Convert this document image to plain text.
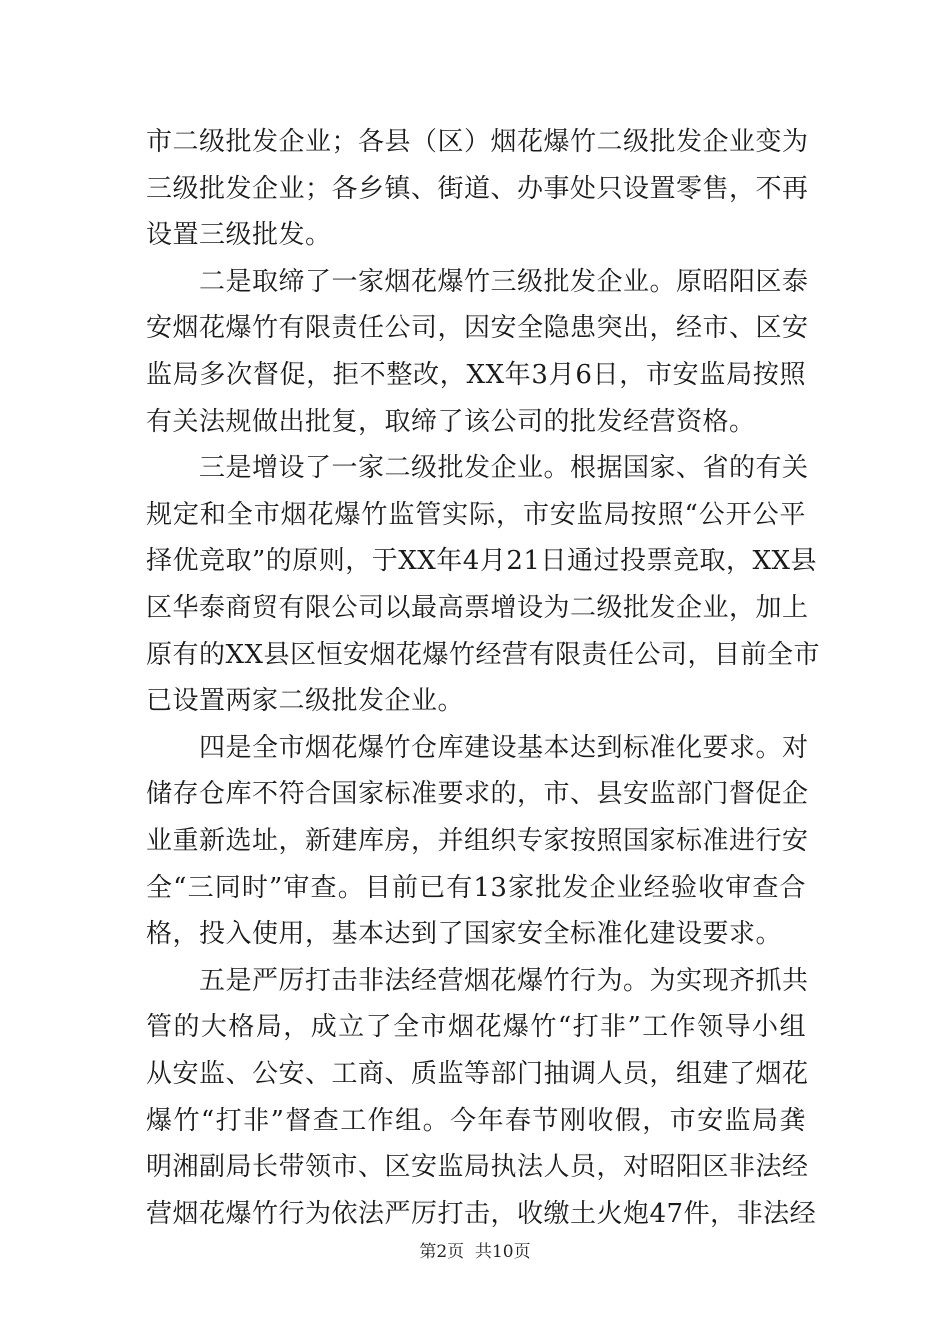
市二级批发企业；各县（区）烟花爆竹二级批发企业变为
三级批发企业；各乡镇、街道、办事处只设置零售，不再
设置三级批发。
　　二是取缔了一家烟花爆竹三级批发企业。原昭阳区泰
安烟花爆竹有限责任公司，因安全隐患突出，经市、区安
监局多次督促，拒不整改，XX年3月6日，市安监局按照
有关法规做出批复，取缔了该公司的批发经营资格。
　　三是增设了一家二级批发企业。根据国家、省的有关
规定和全市烟花爆竹监管实际，市安监局按照“公开公平
择优竞取”的原则，于XX年4月21日通过投票竞取，XX县
区华泰商贸有限公司以最高票增设为二级批发企业，加上
原有的XX县区恒安烟花爆竹经营有限责任公司，目前全市
已设置两家二级批发企业。
　　四是全市烟花爆竹仓库建设基本达到标准化要求。对
储存仓库不符合国家标准要求的，市、县安监部门督促企
业重新选址，新建库房，并组织专家按照国家标准进行安
全“三同时”审查。目前已有13家批发企业经验收审查合
格，投入使用，基本达到了国家安全标准化建设要求。
　　五是严厉打击非法经营烟花爆竹行为。为实现齐抓共
管的大格局，成立了全市烟花爆竹“打非”工作领导小组
从安监、公安、工商、质监等部门抽调人员，组建了烟花
爆竹“打非”督查工作组。今年春节刚收假，市安监局龚
明湘副局长带领市、区安监局执法人员，对昭阳区非法经
营烟花爆竹行为依法严厉打击，收缴土火炮47件，非法经
第2页  共10页
